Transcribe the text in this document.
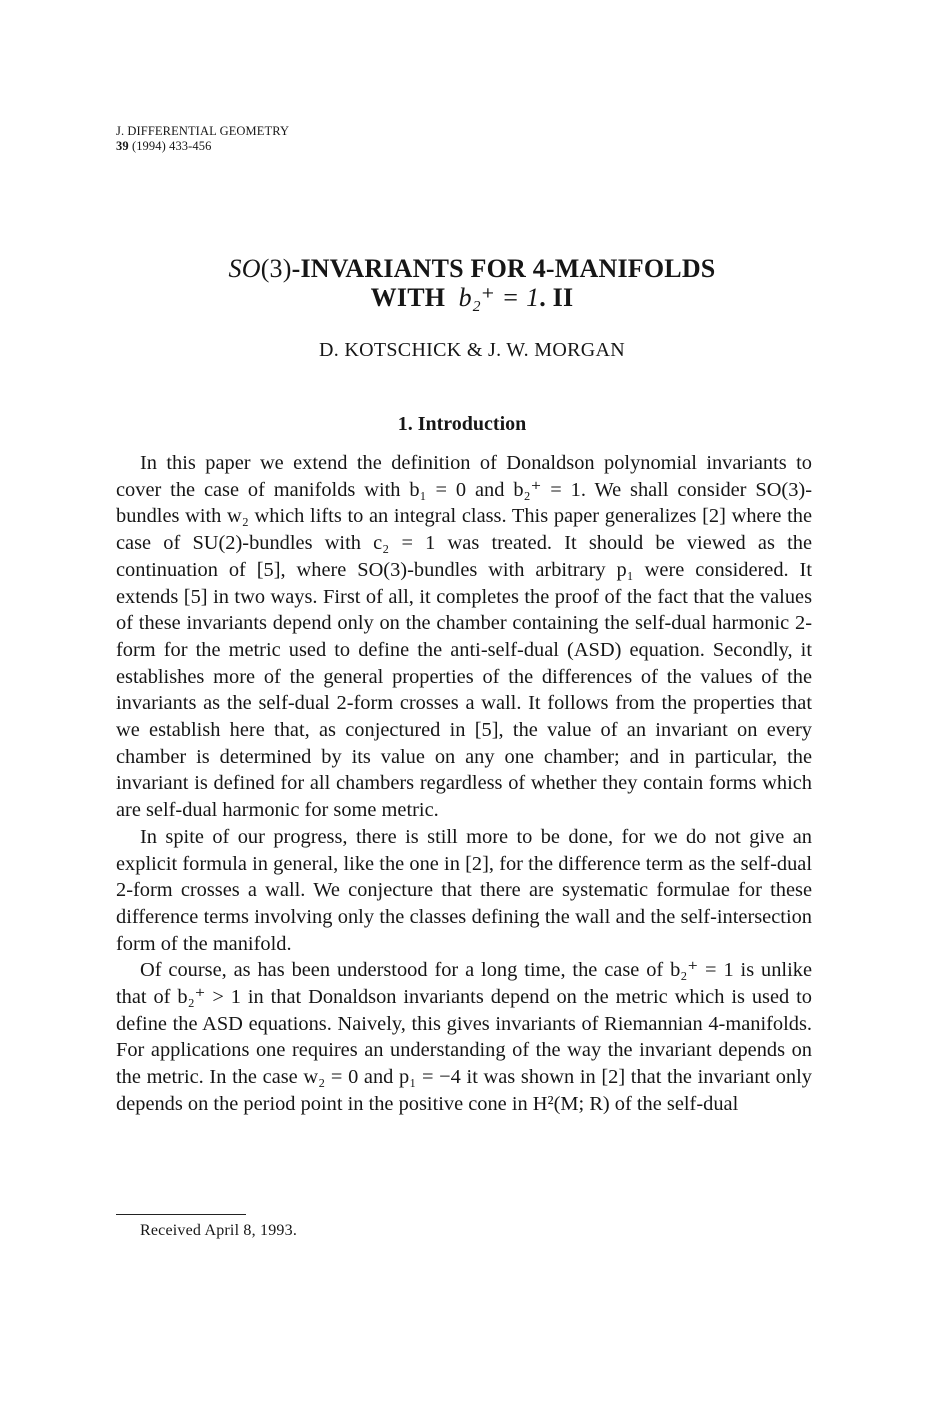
J. DIFFERENTIAL GEOMETRY
39 (1994) 433-456
SO(3)-INVARIANTS FOR 4-MANIFOLDS
WITH b₂⁺ = 1. II
D. KOTSCHICK & J. W. MORGAN
1. Introduction

In this paper we extend the definition of Donaldson polynomial invariants to cover the case of manifolds with b₁ = 0 and b₂⁺ = 1. We shall consider SO(3)-bundles with w₂ which lifts to an integral class. This paper generalizes [2] where the case of SU(2)-bundles with c₂ = 1 was treated. It should be viewed as the continuation of [5], where SO(3)-bundles with arbitrary p₁ were considered. It extends [5] in two ways. First of all, it completes the proof of the fact that the values of these invariants depend only on the chamber containing the self-dual harmonic 2-form for the metric used to define the anti-self-dual (ASD) equation. Secondly, it establishes more of the general properties of the differences of the values of the invariants as the self-dual 2-form crosses a wall. It follows from the properties that we establish here that, as conjectured in [5], the value of an invariant on every chamber is determined by its value on any one chamber; and in particular, the invariant is defined for all chambers regardless of whether they contain forms which are self-dual harmonic for some metric.

In spite of our progress, there is still more to be done, for we do not give an explicit formula in general, like the one in [2], for the difference term as the self-dual 2-form crosses a wall. We conjecture that there are systematic formulae for these difference terms involving only the classes defining the wall and the self-intersection form of the manifold.

Of course, as has been understood for a long time, the case of b₂⁺ = 1 is unlike that of b₂⁺ > 1 in that Donaldson invariants depend on the metric which is used to define the ASD equations. Naively, this gives invariants of Riemannian 4-manifolds. For applications one requires an understanding of the way the invariant depends on the metric. In the case w₂ = 0 and p₁ = −4 it was shown in [2] that the invariant only depends on the period point in the positive cone in H²(M; R) of the self-dual

Received April 8, 1993.
